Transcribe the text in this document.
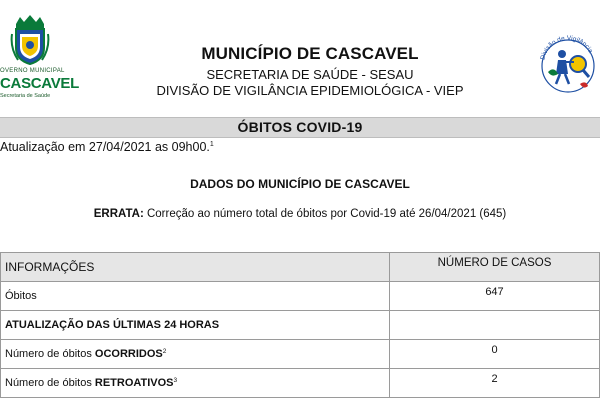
OVERNO MUNICIPAL
CASCAVEL
Secretaria de Saúde
MUNICÍPIO DE CASCAVEL
SECRETARIA DE SAÚDE - SESAU
DIVISÃO DE VIGILÂNCIA EPIDEMIOLÓGICA - VIEP
Divisão de Vigilância
ÓBITOS COVID-19
Atualização em 27/04/2021 as 09h00.$^1$
DADOS DO MUNICÍPIO DE CASCAVEL
ERRATA: Correção ao número total de óbitos por Covid-19 até 26/04/2021 (645)
INFORMAÇÕES	NÚMERO DE CASOS
Óbitos	647
ATUALIZAÇÃO DAS ÚLTIMAS 24 HORAS	
Número de óbitos OCORRIDOS$^2$	0
Número de óbitos RETROATIVOS$^3$	2
